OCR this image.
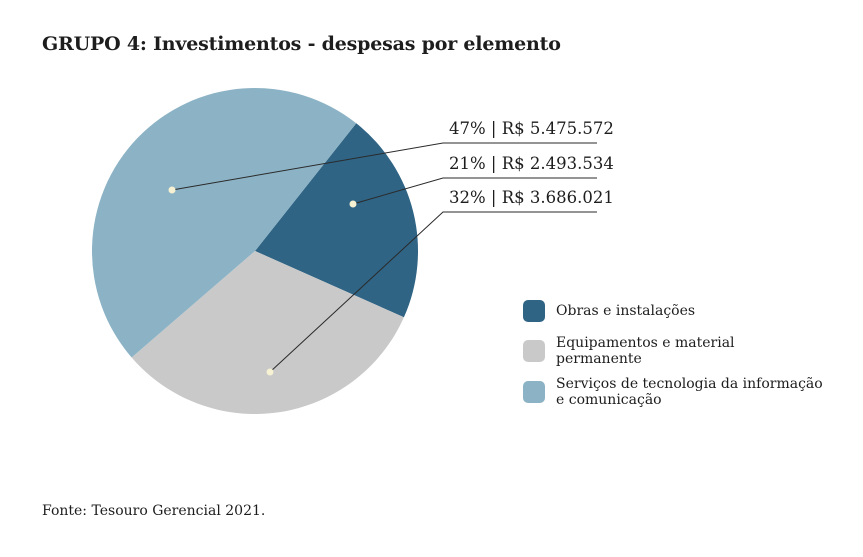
GRUPO 4: Investimentos - despesas por elemento
47% | R$ 5.475.572
21% | R$ 2.493.534
32% | R$ 3.686.021
Obras e instalações
Equipamentos e material permanente
Serviços de tecnologia da informação
e comunicação
Fonte: Tesouro Gerencial 2021.
